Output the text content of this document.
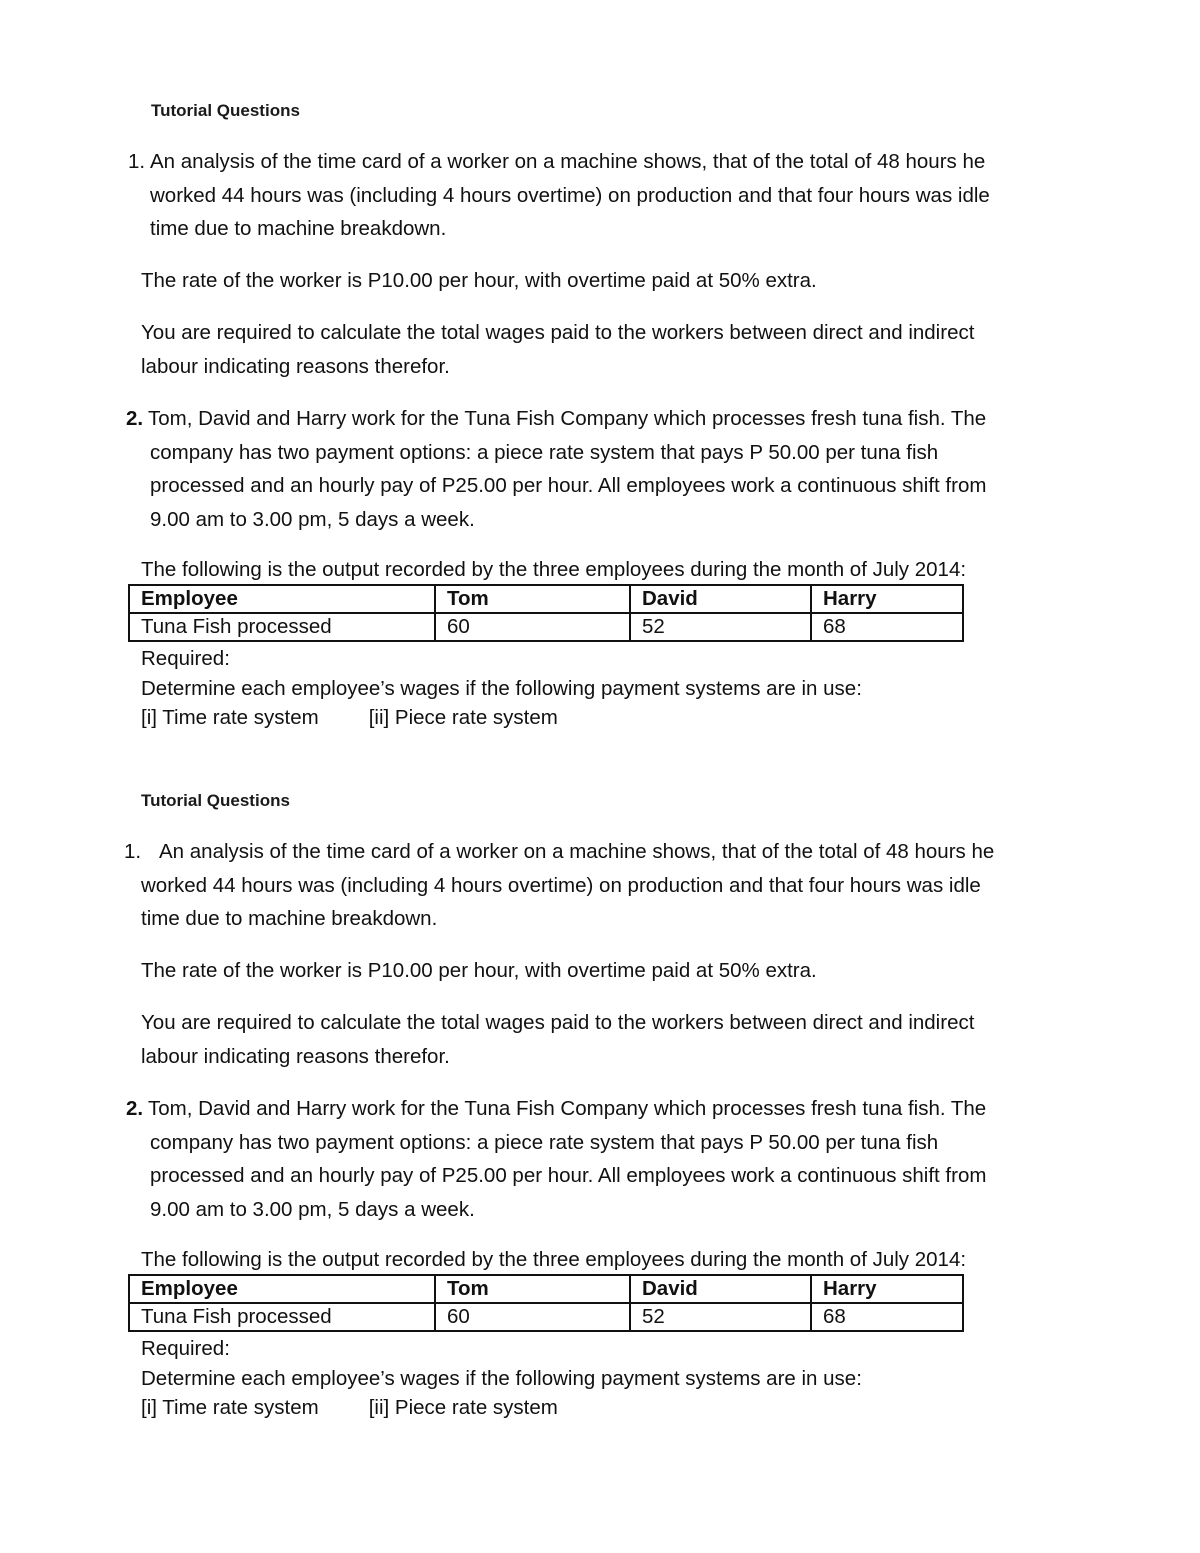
Tutorial Questions
1. An analysis of the time card of a worker on a machine shows, that of the total of 48 hours he
worked 44 hours was (including 4 hours overtime) on production and that four hours was idle
time due to machine breakdown.
The rate of the worker is P10.00 per hour, with overtime paid at 50% extra.
You are required to calculate the total wages paid to the workers between direct and indirect
labour indicating reasons therefor.
2. Tom, David and Harry work for the Tuna Fish Company which processes fresh tuna fish. The
company has two payment options: a piece rate system that pays P 50.00 per tuna fish
processed and an hourly pay of P25.00 per hour. All employees work a continuous shift from
9.00 am to 3.00 pm, 5 days a week.
The following is the output recorded by the three employees during the month of July 2014:
Employee	Tom	David	Harry
Tuna Fish processed	60	52	68
Required:
Determine each employee’s wages if the following payment systems are in use:
[i] Time rate system [ii] Piece rate system
Tutorial Questions
1. An analysis of the time card of a worker on a machine shows, that of the total of 48 hours he
worked 44 hours was (including 4 hours overtime) on production and that four hours was idle
time due to machine breakdown.
The rate of the worker is P10.00 per hour, with overtime paid at 50% extra.
You are required to calculate the total wages paid to the workers between direct and indirect
labour indicating reasons therefor.
2. Tom, David and Harry work for the Tuna Fish Company which processes fresh tuna fish. The
company has two payment options: a piece rate system that pays P 50.00 per tuna fish
processed and an hourly pay of P25.00 per hour. All employees work a continuous shift from
9.00 am to 3.00 pm, 5 days a week.
The following is the output recorded by the three employees during the month of July 2014:
Employee	Tom	David	Harry
Tuna Fish processed	60	52	68
Required:
Determine each employee’s wages if the following payment systems are in use:
[i] Time rate system [ii] Piece rate system
